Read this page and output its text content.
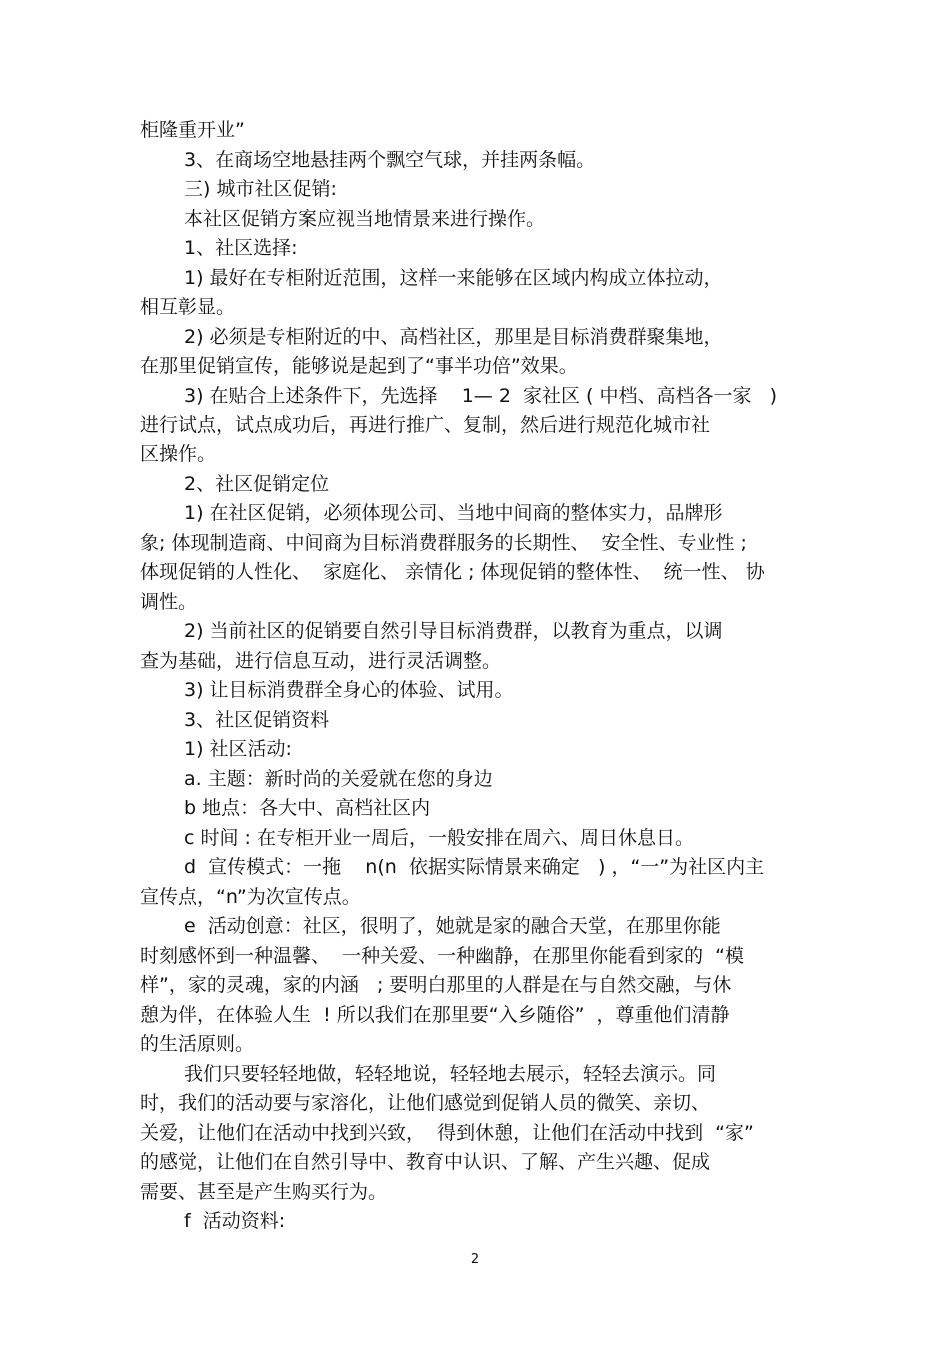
柜隆重开业”
3、在商场空地悬挂两个飘空气球，并挂两条幅。
三) 城市社区促销:
本社区促销方案应视当地情景来进行操作。
1、社区选择:
1) 最好在专柜附近范围，这样一来能够在区域内构成立体拉动，
相互彰显。
2) 必须是专柜附近的中、高档社区，那里是目标消费群聚集地，
在那里促销宣传，能够说是起到了“事半功倍”效果。
3) 在贴合上述条件下，先选择    1— 2  家社区 ( 中档、高档各一家   )
进行试点，试点成功后，再进行推广、复制，然后进行规范化城市社
区操作。
2、社区促销定位
1) 在社区促销，必须体现公司、当地中间商的整体实力，品牌形
象; 体现制造商、中间商为目标消费群服务的长期性、  安全性、专业性 ;
体现促销的人性化、  家庭化、 亲情化 ; 体现促销的整体性、  统一性、 协
调性。
2) 当前社区的促销要自然引导目标消费群，以教育为重点，以调
查为基础，进行信息互动，进行灵活调整。
3) 让目标消费群全身心的体验、试用。
3、社区促销资料
1) 社区活动:
a. 主题：新时尚的关爱就在您的身边
b 地点：各大中、高档社区内
c 时间 : 在专柜开业一周后，一般安排在周六、周日休息日。
d  宣传模式：一拖    n(n  依据实际情景来确定   ) ，“一”为社区内主
宣传点，“n”为次宣传点。
e  活动创意：社区，很明了，她就是家的融合天堂，在那里你能
时刻感怀到一种温馨、  一种关爱、一种幽静，在那里你能看到家的  “模
样”，家的灵魂，家的内涵   ; 要明白那里的人群是在与自然交融，与休
憩为伴，在体验人生  ! 所以我们在那里要“入乡随俗”  ，尊重他们清静
的生活原则。
我们只要轻轻地做，轻轻地说，轻轻地去展示，轻轻去演示。同
时，我们的活动要与家溶化，让他们感觉到促销人员的微笑、亲切、
关爱，让他们在活动中找到兴致，  得到休憩，让他们在活动中找到  “家”
的感觉，让他们在自然引导中、教育中认识、了解、产生兴趣、促成
需要、甚至是产生购买行为。
f  活动资料:
2
